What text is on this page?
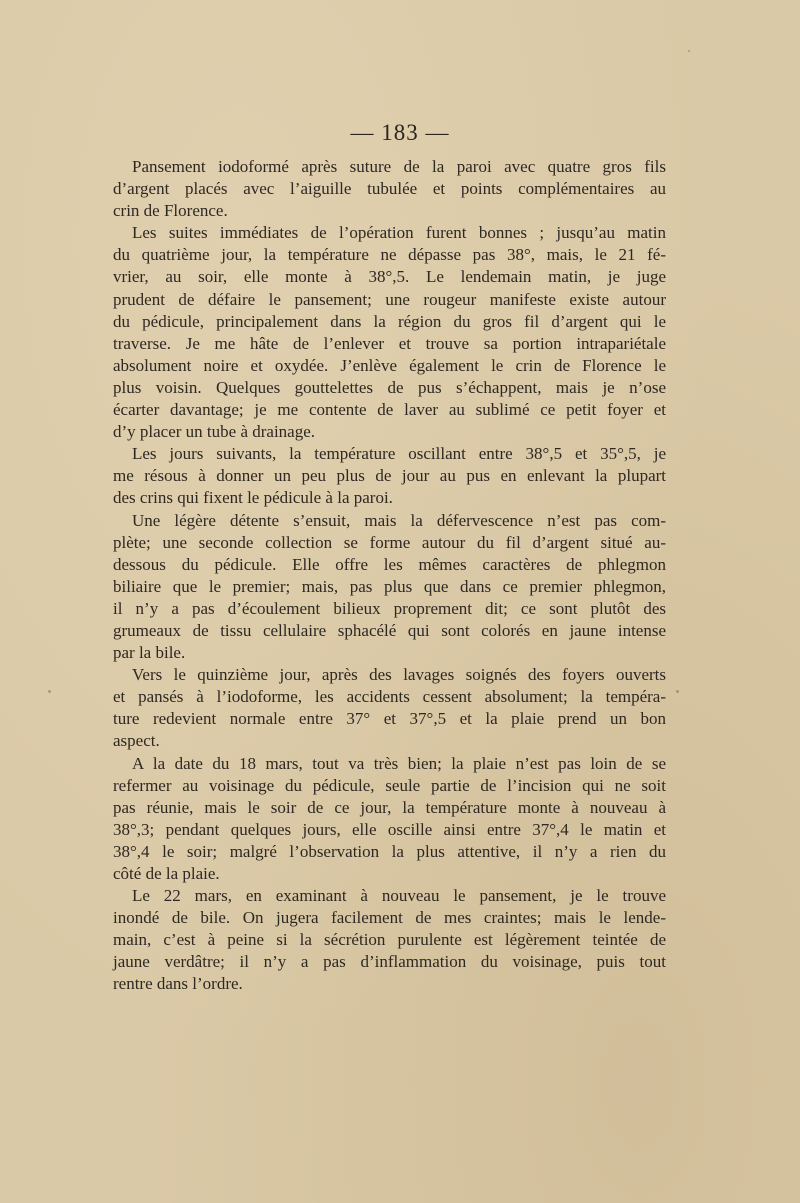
— 183 —
Pansement iodoformé après suture de la paroi avec quatre gros fils
d’argent placés avec l’aiguille tubulée et points complémentaires au
crin de Florence.
Les suites immédiates de l’opération furent bonnes ; jusqu’au matin
du quatrième jour, la température ne dépasse pas 38°, mais, le 21 fé-
vrier, au soir, elle monte à 38°,5. Le lendemain matin, je juge
prudent de défaire le pansement; une rougeur manifeste existe autour
du pédicule, principalement dans la région du gros fil d’argent qui le
traverse. Je me hâte de l’enlever et trouve sa portion intrapariétale
absolument noire et oxydée. J’enlève également le crin de Florence le
plus voisin. Quelques gouttelettes de pus s’échappent, mais je n’ose
écarter davantage; je me contente de laver au sublimé ce petit foyer et
d’y placer un tube à drainage.
Les jours suivants, la température oscillant entre 38°,5 et 35°,5, je
me résous à donner un peu plus de jour au pus en enlevant la plupart
des crins qui fixent le pédicule à la paroi.
Une légère détente s’ensuit, mais la défervescence n’est pas com-
plète; une seconde collection se forme autour du fil d’argent situé au-
dessous du pédicule. Elle offre les mêmes caractères de phlegmon
biliaire que le premier; mais, pas plus que dans ce premier phlegmon,
il n’y a pas d’écoulement bilieux proprement dit; ce sont plutôt des
grumeaux de tissu cellulaire sphacélé qui sont colorés en jaune intense
par la bile.
Vers le quinzième jour, après des lavages soignés des foyers ouverts
et pansés à l’iodoforme, les accidents cessent absolument; la tempéra-
ture redevient normale entre 37° et 37°,5 et la plaie prend un bon
aspect.
A la date du 18 mars, tout va très bien; la plaie n’est pas loin de se
refermer au voisinage du pédicule, seule partie de l’incision qui ne soit
pas réunie, mais le soir de ce jour, la température monte à nouveau à
38°,3; pendant quelques jours, elle oscille ainsi entre 37°,4 le matin et
38°,4 le soir; malgré l’observation la plus attentive, il n’y a rien du
côté de la plaie.
Le 22 mars, en examinant à nouveau le pansement, je le trouve
inondé de bile. On jugera facilement de mes craintes; mais le lende-
main, c’est à peine si la sécrétion purulente est légèrement teintée de
jaune verdâtre; il n’y a pas d’inflammation du voisinage, puis tout
rentre dans l’ordre.
